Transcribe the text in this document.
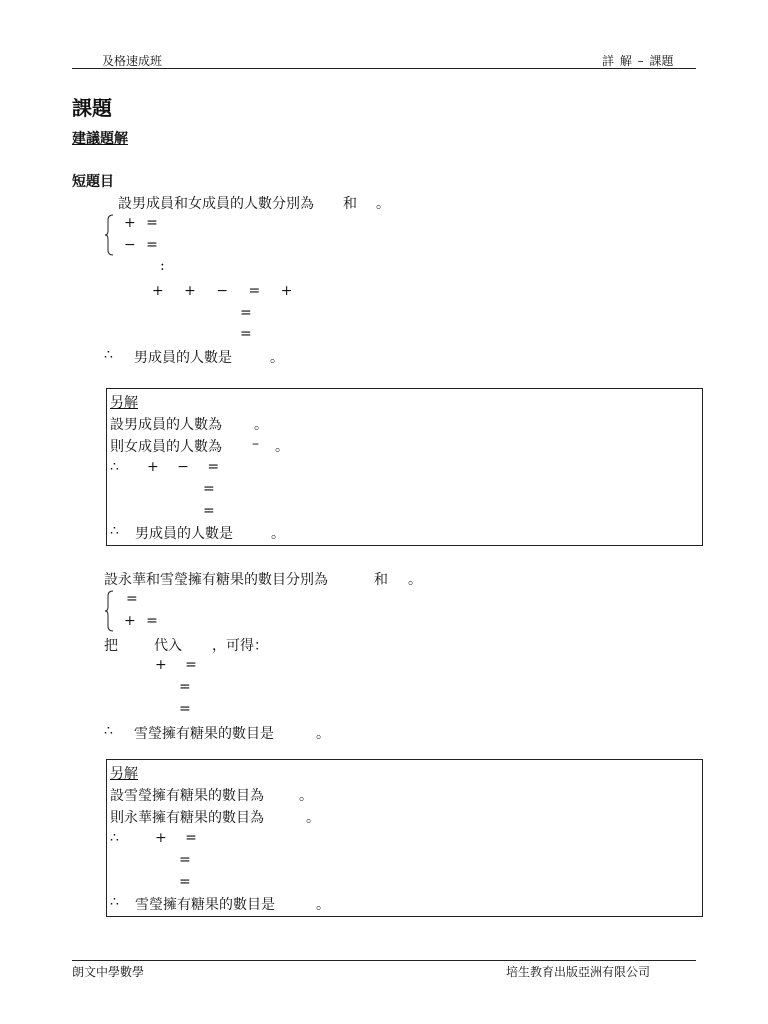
及格速成班	詳 解 – 課題
課題
建議題解
短題目
設男成員和女成員的人數分別為 和 。
+ =
− =
:
+ + − = +
=
=
∴ 男成員的人數是	。
另解
設男成員的人數為 。
則女成員的人數為 – 。
∴ + − =
=
=
∴ 男成員的人數是	。
設永華和雪瑩擁有糖果的數目分別為	和 。
=
+ =
把	代入 ，可得：
+ =
=
=
∴ 雪瑩擁有糖果的數目是	。
另解
設雪瑩擁有糖果的數目為	。
則永華擁有糖果的數目為	。
∴	+ =
=
=
∴ 雪瑩擁有糖果的數目是	。
朗文中學數學	培生教育出版亞洲有限公司
